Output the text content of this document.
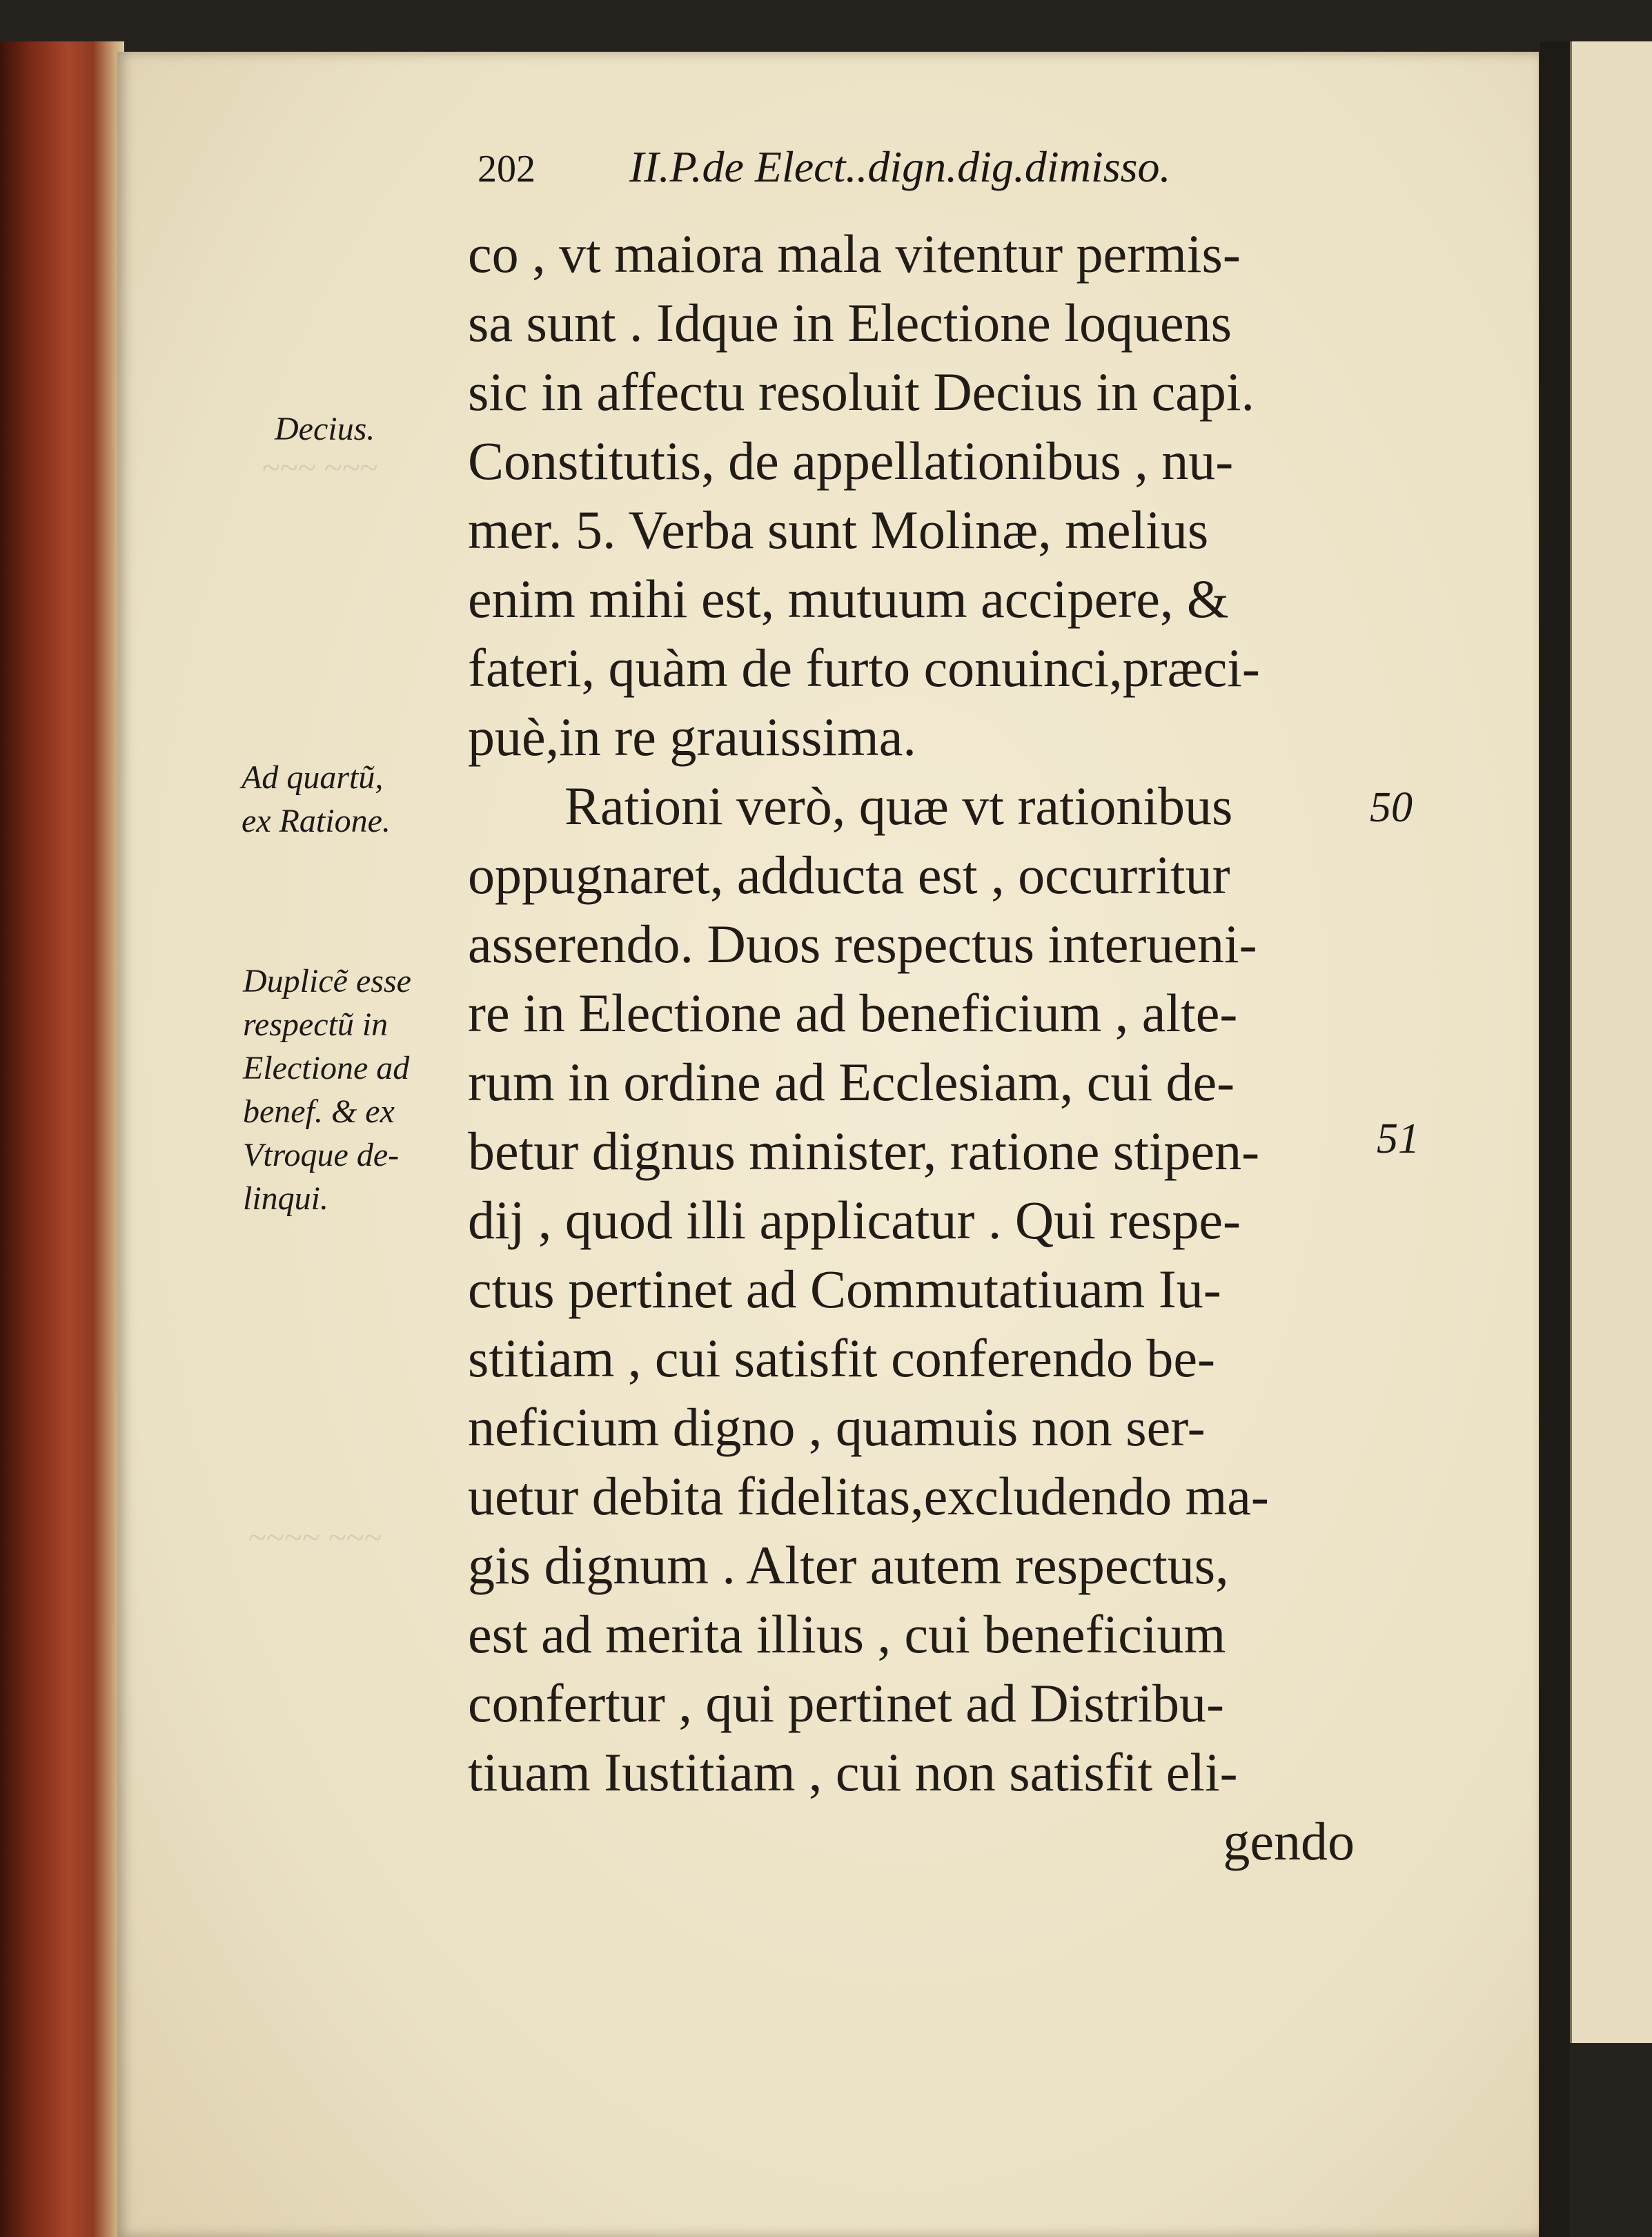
202 II.P.de Elect..dign.dig.dimisso.
co , vt maiora mala vitentur permis-
sa sunt . Idque in Electione loquens
sic in affectu resoluit Decius in capi.
Constitutis, de appellationibus , nu-
mer. 5. Verba sunt Molinæ, melius
enim mihi est, mutuum accipere, &
fateri, quàm de furto conuinci,præci-
puè,in re grauissima.
Rationi verò, quæ vt rationibus
oppugnaret, adducta est , occurritur
asserendo. Duos respectus interueni-
re in Electione ad beneficium , alte-
rum in ordine ad Ecclesiam, cui de-
betur dignus minister, ratione stipen-
dij , quod illi applicatur . Qui respe-
ctus pertinet ad Commutatiuam Iu-
stitiam , cui satisfit conferendo be-
neficium digno , quamuis non ser-
uetur debita fidelitas,excludendo ma-
gis dignum . Alter autem respectus,
est ad merita illius , cui beneficium
confertur , qui pertinet ad Distribu-
tiuam Iustitiam , cui non satisfit eli-
gendo
Decius.
Ad quartũ,
ex Ratione.
Duplicẽ esse
respectũ in
Electione ad
benef. & ex
Vtroque de-
linqui.
50
51
~~~ ~~~
~~~~ ~~~
